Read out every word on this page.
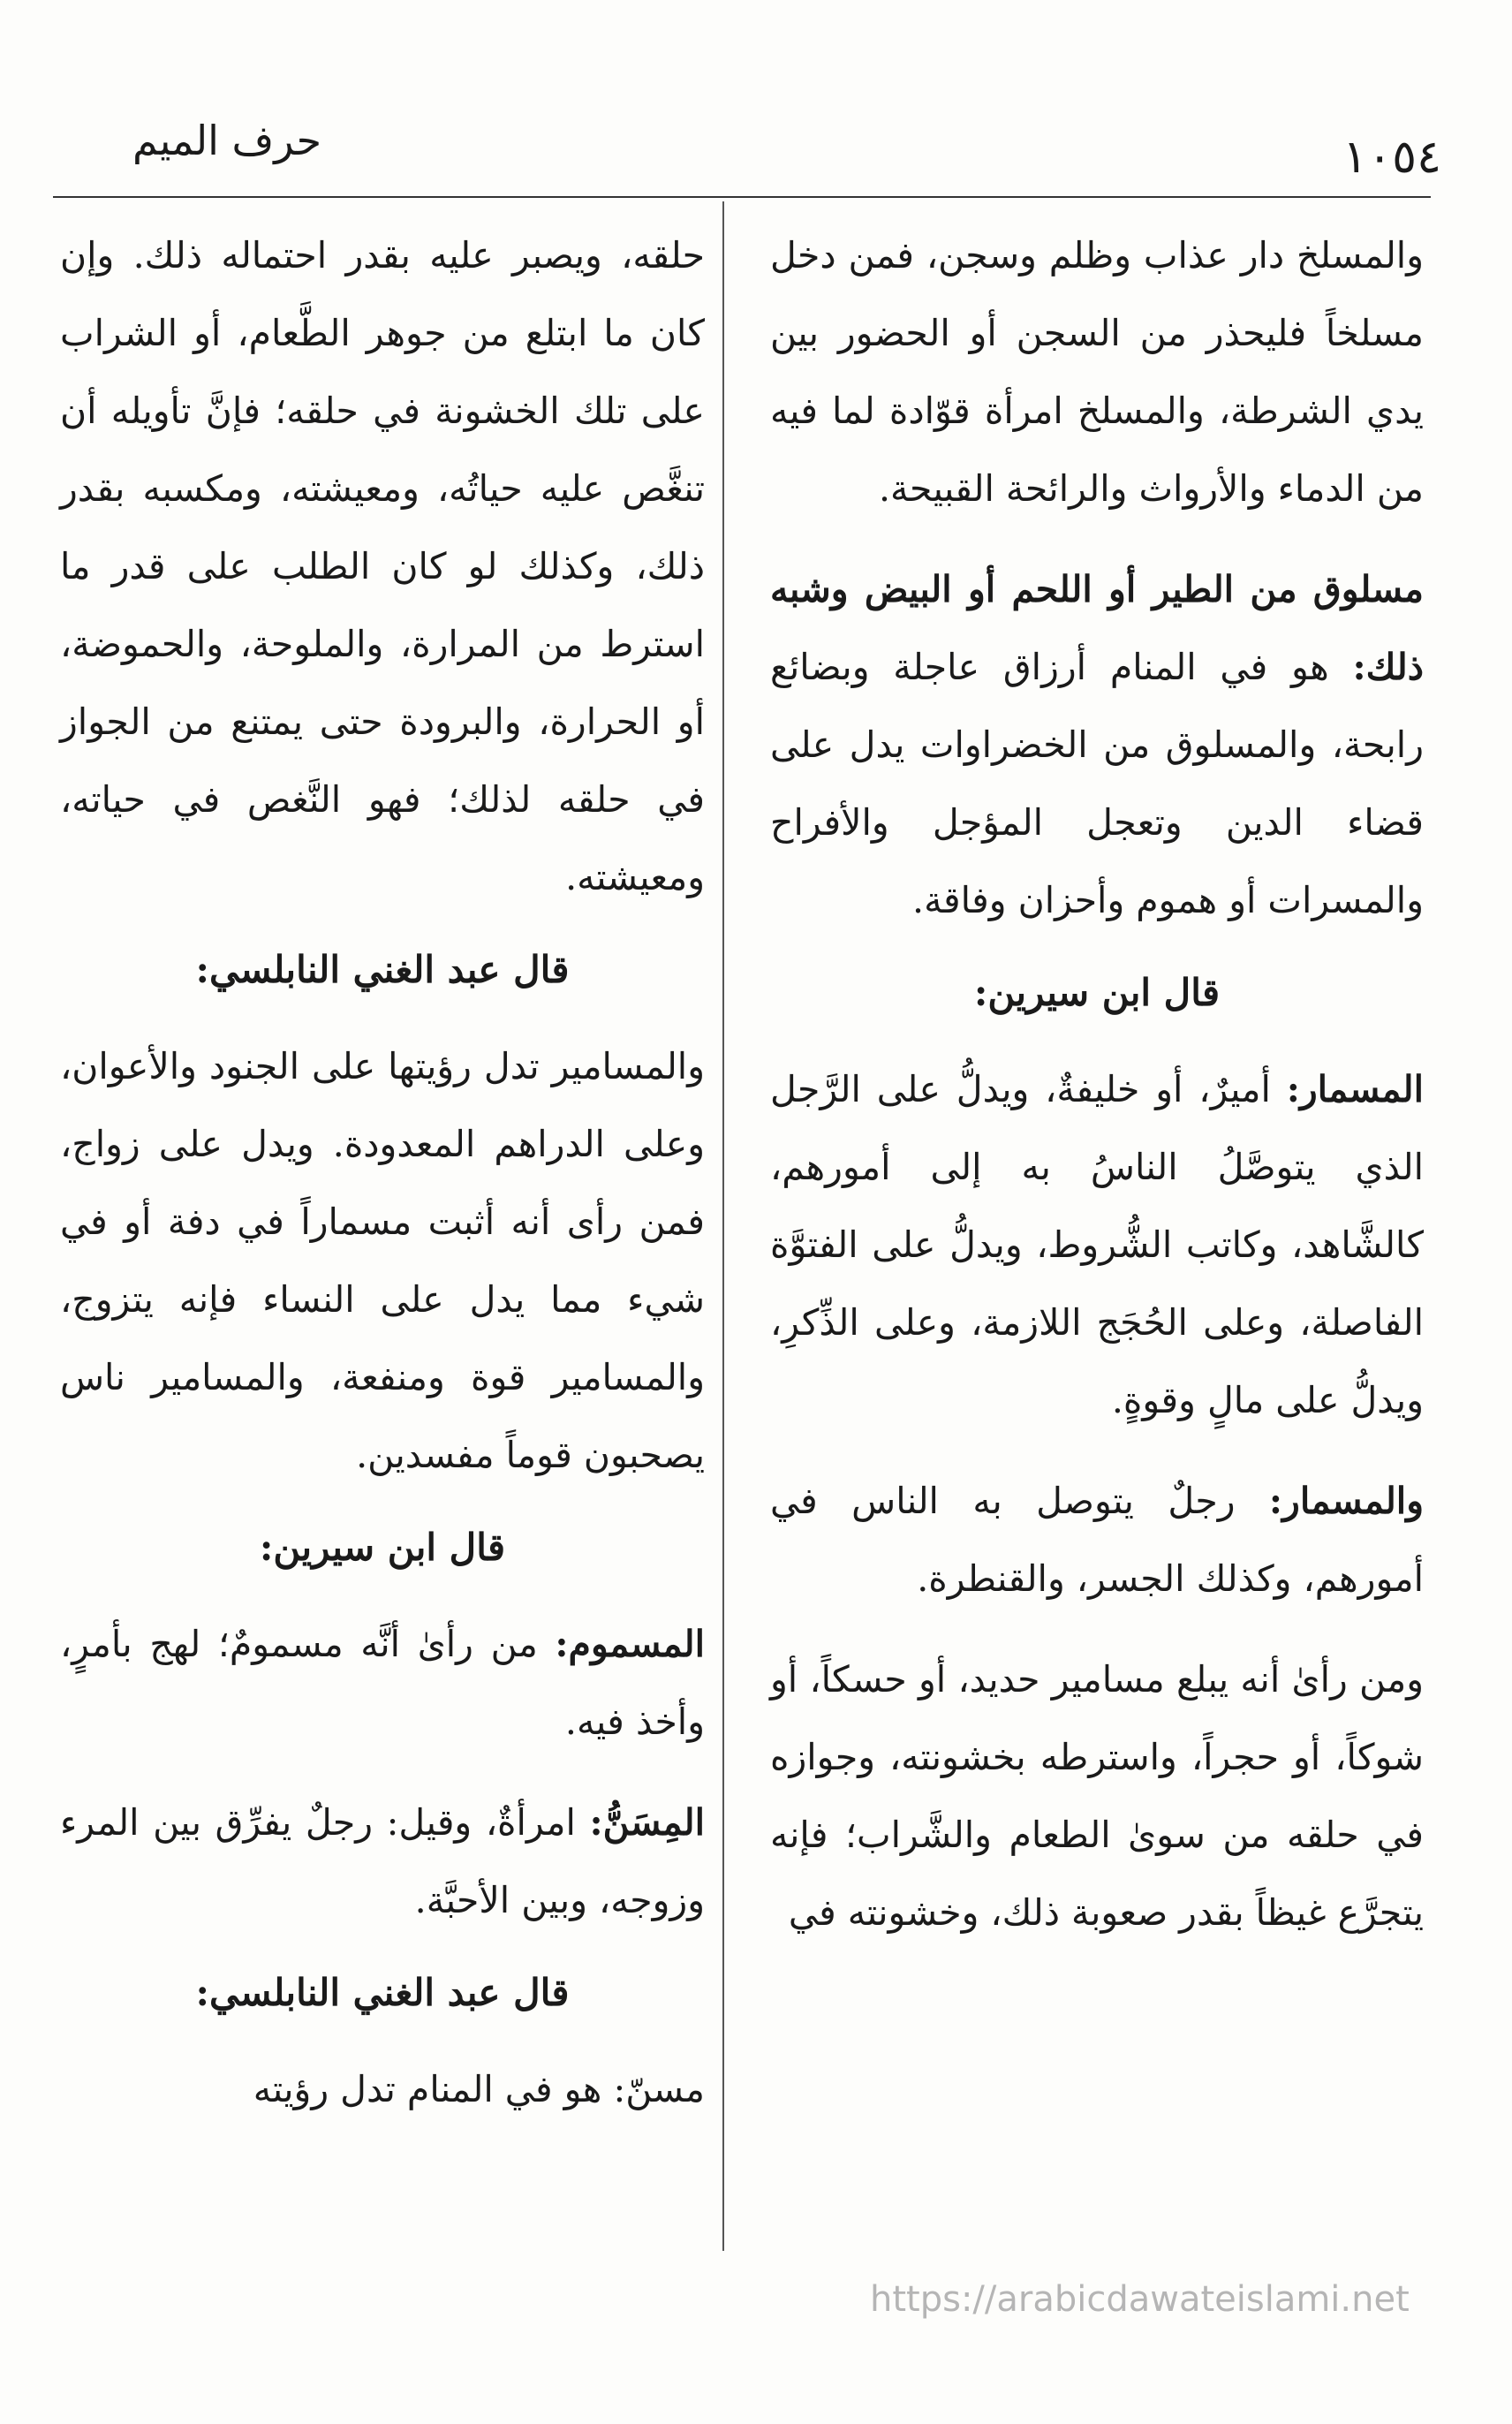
حرف الميم	١٠٥٤

والمسلخ دار عذاب وظلم وسجن، فمن دخل مسلخاً فليحذر من السجن أو الحضور بين يدي الشرطة، والمسلخ امرأة قوّادة لما فيه من الدماء والأرواث والرائحة القبيحة.

مسلوق من الطير أو اللحم أو البيض وشبه ذلك: هو في المنام أرزاق عاجلة وبضائع رابحة، والمسلوق من الخضراوات يدل على قضاء الدين وتعجل المؤجل والأفراح والمسرات أو هموم وأحزان وفاقة.

قال ابن سيرين:

المسمار: أميرٌ، أو خليفةٌ، ويدلُّ على الرَّجل الذي يتوصَّلُ الناسُ به إلى أمورهم، كالشَّاهد، وكاتب الشُّروط، ويدلُّ على الفتوَّة الفاصلة، وعلى الحُجَج اللازمة، وعلى الذِّكرِ، ويدلُّ على مالٍ وقوةٍ.

والمسمار: رجلٌ يتوصل به الناس في أمورهم، وكذلك الجسر، والقنطرة.

ومن رأىٰ أنه يبلع مسامير حديد، أو حسكاً، أو شوكاً، أو حجراً، واسترطه بخشونته، وجوازه في حلقه من سوىٰ الطعام والشَّراب؛ فإنه يتجرَّع غيظاً بقدر صعوبة ذلك، وخشونته في

حلقه، ويصبر عليه بقدر احتماله ذلك. وإن كان ما ابتلع من جوهر الطَّعام، أو الشراب على تلك الخشونة في حلقه؛ فإنَّ تأويله أن تنغَّص عليه حياتُه، ومعيشته، ومكسبه بقدر ذلك، وكذلك لو كان الطلب على قدر ما استرط من المرارة، والملوحة، والحموضة، أو الحرارة، والبرودة حتى يمتنع من الجواز في حلقه لذلك؛ فهو النَّغص في حياته، ومعيشته.

قال عبد الغني النابلسي:

والمسامير تدل رؤيتها على الجنود والأعوان، وعلى الدراهم المعدودة. ويدل على زواج، فمن رأى أنه أثبت مسماراً في دفة أو في شيء مما يدل على النساء فإنه يتزوج، والمسامير قوة ومنفعة، والمسامير ناس يصحبون قوماً مفسدين.

قال ابن سيرين:

المسموم: من رأىٰ أنَّه مسمومٌ؛ لهج بأمرٍ، وأخذ فيه.

المِسَنُّ: امرأةٌ، وقيل: رجلٌ يفرِّق بين المرء وزوجه، وبين الأحبَّة.

قال عبد الغني النابلسي:

مسنّ: هو في المنام تدل رؤيته

https://arabicdawateislami.net
